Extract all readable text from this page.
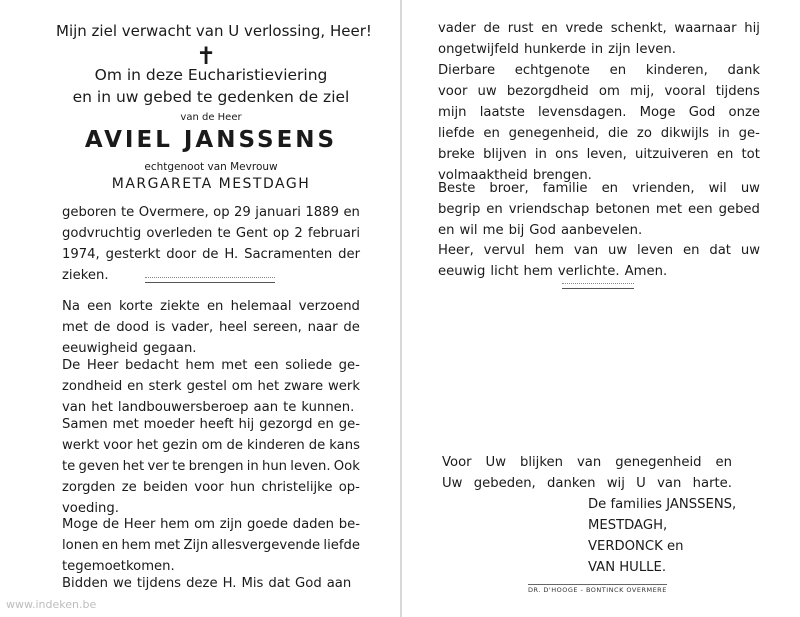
Mijn ziel verwacht van U verlossing, Heer!
✝
Om in deze Eucharistieviering
en in uw gebed te gedenken de ziel
van de Heer
AVIEL JANSSENS
echtgenoot van Mevrouw
MARGARETA MESTDAGH
geboren te Overmere, op 29 januari 1889 en
godvruchtig overleden te Gent op 2 februari
1974, gesterkt door de H. Sacramenten der
zieken.
Na een korte ziekte en helemaal verzoend
met de dood is vader, heel sereen, naar de
eeuwigheid gegaan.
De Heer bedacht hem met een soliede ge-
zondheid en sterk gestel om het zware werk
van het landbouwersberoep aan te kunnen.
Samen met moeder heeft hij gezorgd en ge-
werkt voor het gezin om de kinderen de kans
te geven het ver te brengen in hun leven. Ook
zorgden ze beiden voor hun christelijke op-
voeding.
Moge de Heer hem om zijn goede daden be-
lonen en hem met Zijn allesvergevende liefde
tegemoetkomen.
Bidden we tijdens deze H. Mis dat God aan
www.indeken.be
vader de rust en vrede schenkt, waarnaar hij
ongetwijfeld hunkerde in zijn leven.
Dierbare echtgenote en kinderen, dank
voor uw bezorgdheid om mij, vooral tijdens
mijn laatste levensdagen. Moge God onze
liefde en genegenheid, die zo dikwijls in ge-
breke blijven in ons leven, uitzuiveren en tot
volmaaktheid brengen.
Beste broer, familie en vrienden, wil uw
begrip en vriendschap betonen met een gebed
en wil me bij God aanbevelen.
Heer, vervul hem van uw leven en dat uw
eeuwig licht hem verlichte. Amen.
Voor Uw blijken van genegenheid en
Uw gebeden, danken wij U van harte.
De families JANSSENS,
MESTDAGH,
VERDONCK en
VAN HULLE.
DR. D'HOOGE - BONTINCK OVERMERE
